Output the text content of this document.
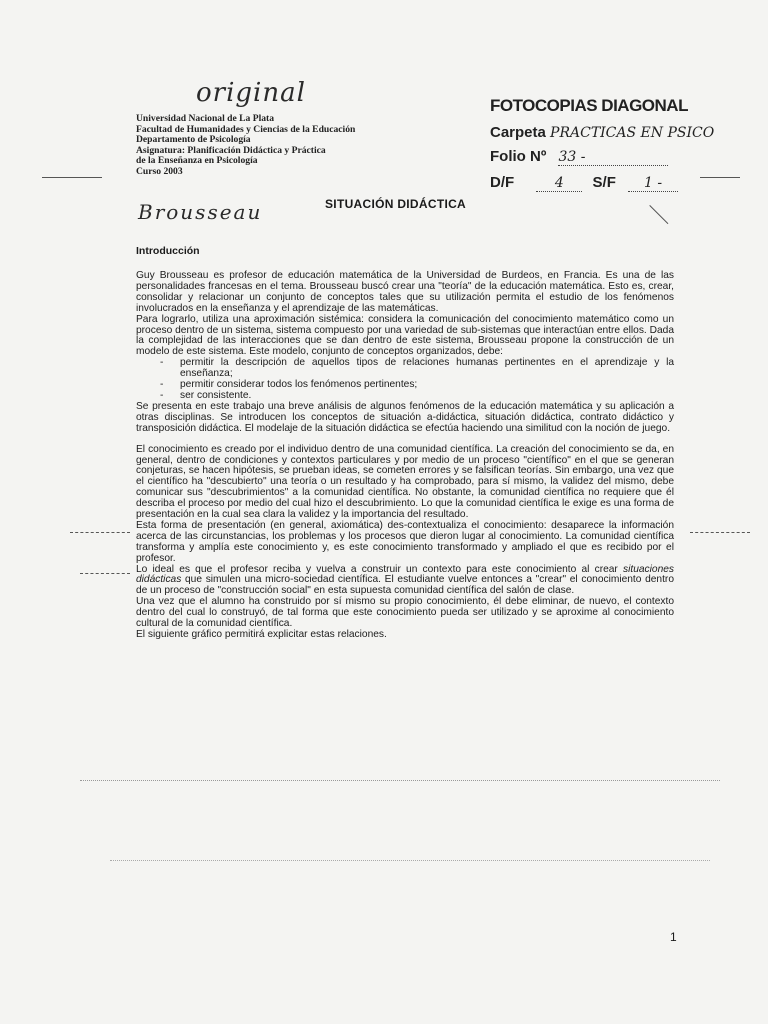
original
Brousseau
Universidad Nacional de La Plata
Facultad de Humanidades y Ciencias de la Educación
Departamento de Psicología
Asignatura: Planificación Didáctica y Práctica
de la Enseñanza en Psicología
Curso 2003
FOTOCOPIAS DIAGONAL
Carpeta PRACTICAS EN PSICO
Folio Nº 33 -
D/F	4 S/F 1 -
SITUACIÓN DIDÁCTICA
Introducción

Guy Brousseau es profesor de educación matemática de la Universidad de Burdeos, en Francia. Es una de las personalidades francesas en el tema. Brousseau buscó crear una "teoría" de la educación matemática. Esto es, crear, consolidar y relacionar un conjunto de conceptos tales que su utilización permita el estudio de los fenómenos involucrados en la enseñanza y el aprendizaje de las matemáticas.

Para lograrlo, utiliza una aproximación sistémica: considera la comunicación del conocimiento matemático como un proceso dentro de un sistema, sistema compuesto por una variedad de sub-sistemas que interactúan entre ellos. Dada la complejidad de las interacciones que se dan dentro de este sistema, Brousseau propone la construcción de un modelo de este sistema. Este modelo, conjunto de conceptos organizados, debe:

- permitir la descripción de aquellos tipos de relaciones humanas pertinentes en el aprendizaje y la enseñanza;
- permitir considerar todos los fenómenos pertinentes;
- ser consistente.

Se presenta en este trabajo una breve análisis de algunos fenómenos de la educación matemática y su aplicación a otras disciplinas. Se introducen los conceptos de situación a-didáctica, situación didáctica, contrato didáctico y transposición didáctica. El modelaje de la situación didáctica se efectúa haciendo una similitud con la noción de juego.

El conocimiento es creado por el individuo dentro de una comunidad científica. La creación del conocimiento se da, en general, dentro de condiciones y contextos particulares y por medio de un proceso "científico" en el que se generan conjeturas, se hacen hipótesis, se prueban ideas, se cometen errores y se falsifican teorías. Sin embargo, una vez que el científico ha "descubierto" una teoría o un resultado y ha comprobado, para sí mismo, la validez del mismo, debe comunicar sus "descubrimientos" a la comunidad científica. No obstante, la comunidad científica no requiere que él describa el proceso por medio del cual hizo el descubrimiento. Lo que la comunidad científica le exige es una forma de presentación en la cual sea clara la validez y la importancia del resultado.

Esta forma de presentación (en general, axiomática) des-contextualiza el conocimiento: desaparece la información acerca de las circunstancias, los problemas y los procesos que dieron lugar al conocimiento. La comunidad científica transforma y amplía este conocimiento y, es este conocimiento transformado y ampliado el que es recibido por el profesor.

Lo ideal es que el profesor reciba y vuelva a construir un contexto para este conocimiento al crear situaciones didácticas que simulen una micro-sociedad científica. El estudiante vuelve entonces a "crear" el conocimiento dentro de un proceso de "construcción social" en esta supuesta comunidad científica del salón de clase.

Una vez que el alumno ha construido por sí mismo su propio conocimiento, él debe eliminar, de nuevo, el contexto dentro del cual lo construyó, de tal forma que este conocimiento pueda ser utilizado y se aproxime al conocimiento cultural de la comunidad científica.

El siguiente gráfico permitirá explicitar estas relaciones.

1
